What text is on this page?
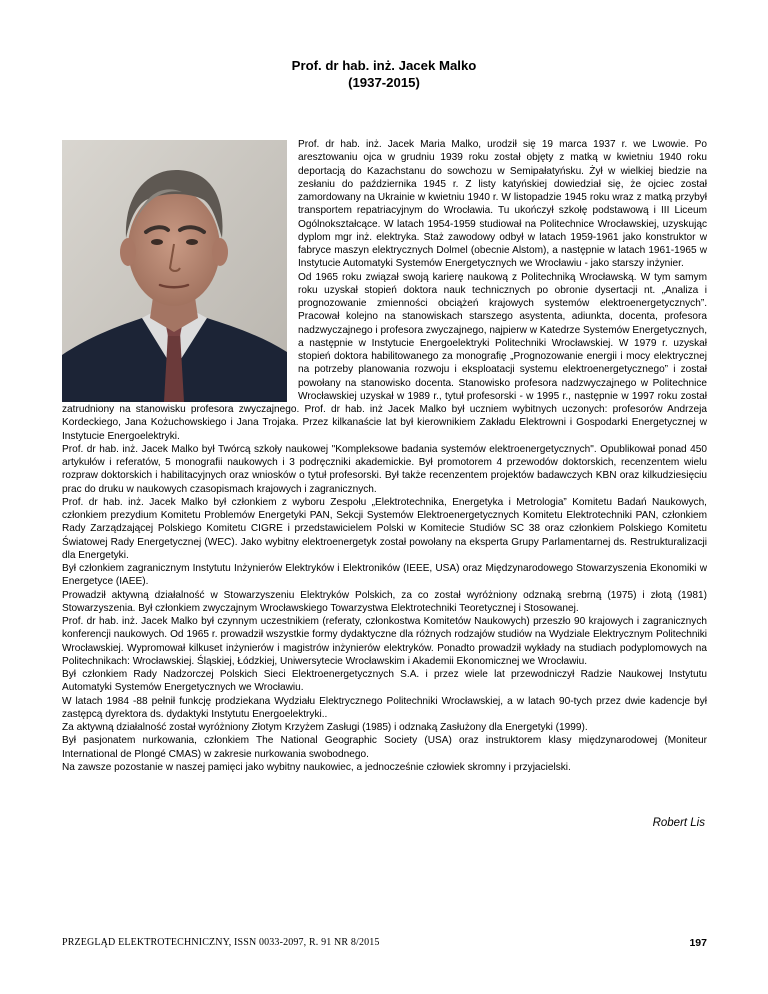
Prof. dr hab. inż. Jacek Malko
(1937-2015)

Prof. dr hab. inż. Jacek Maria Malko, urodził się 19 marca 1937 r. we Lwowie. Po aresztowaniu ojca w grudniu 1939 roku został objęty z matką w kwietniu 1940 roku deportacją do Kazachstanu do sowchozu w Semipałatyńsku. Żył w wielkiej biedzie na zesłaniu do października 1945 r. Z listy katyńskiej dowiedział się, że ojciec został zamordowany na Ukrainie w kwietniu 1940 r. W listopadzie 1945 roku wraz z matką przybył transportem repatriacyjnym do Wrocławia. Tu ukończył szkołę podstawową i III Liceum Ogólnokształcące. W latach 1954-1959 studiował na Politechnice Wrocławskiej, uzyskując dyplom mgr inż. elektryka. Staż zawodowy odbył w latach 1959-1961 jako konstruktor w fabryce maszyn elektrycznych Dolmel (obecnie Alstom), a następnie w latach 1961-1965 w Instytucie Automatyki Systemów Energetycznych we Wrocławiu - jako starszy inżynier.

Od 1965 roku związał swoją karierę naukową z Politechniką Wrocławską. W tym samym roku uzyskał stopień doktora nauk technicznych po obronie dysertacji nt. „Analiza i prognozowanie zmienności obciążeń krajowych systemów elektroenergetycznych”. Pracował kolejno na stanowiskach starszego asystenta, adiunkta, docenta, profesora nadzwyczajnego i profesora zwyczajnego, najpierw w Katedrze Systemów Energetycznych, a następnie w Instytucie Energoelektryki Politechniki Wrocławskiej. W 1979 r. uzyskał stopień doktora habilitowanego za monografię „Prognozowanie energii i mocy elektrycznej na potrzeby planowania rozwoju i eksploatacji systemu elektroenergetycznego” i został powołany na stanowisko docenta. Stanowisko profesora nadzwyczajnego w Politechnice Wrocławskiej uzyskał w 1989 r., tytuł profesorski - w 1995 r., następnie w 1997 roku został zatrudniony na stanowisku profesora zwyczajnego. Prof. dr hab. inż Jacek Malko był uczniem wybitnych uczonych: profesorów Andrzeja Kordeckiego, Jana Kożuchowskiego i Jana Trojaka. Przez kilkanaście lat był kierownikiem Zakładu Elektrowni i Gospodarki Energetycznej w Instytucie Energoelektryki.

Prof. dr hab. inż. Jacek Malko był Twórcą szkoły naukowej "Kompleksowe badania systemów elektroenergetycznych". Opublikował ponad 450 artykułów i referatów, 5 monografii naukowych i 3 podręczniki akademickie. Był promotorem 4 przewodów doktorskich, recenzentem wielu rozpraw doktorskich i habilitacyjnych oraz wniosków o tytuł profesorski. Był także recenzentem projektów badawczych KBN oraz kilkudziesięciu prac do druku w naukowych czasopismach krajowych i zagranicznych.

Prof. dr hab. inż. Jacek Malko był członkiem z wyboru Zespołu „Elektrotechnika, Energetyka i Metrologia” Komitetu Badań Naukowych, członkiem prezydium Komitetu Problemów Energetyki PAN, Sekcji Systemów Elektroenergetycznych Komitetu Elektrotechniki PAN, członkiem Rady Zarządzającej Polskiego Komitetu CIGRE i przedstawicielem Polski w Komitecie Studiów SC 38 oraz członkiem Polskiego Komitetu Światowej Rady Energetycznej (WEC). Jako wybitny elektroenergetyk został powołany na eksperta Grupy Parlamentarnej ds. Restrukturalizacji dla Energetyki.

Był członkiem zagranicznym Instytutu Inżynierów Elektryków i Elektroników (IEEE, USA) oraz Międzynarodowego Stowarzyszenia Ekonomiki w Energetyce (IAEE).

Prowadził aktywną działalność w Stowarzyszeniu Elektryków Polskich, za co został wyróżniony odznaką srebrną (1975) i złotą (1981) Stowarzyszenia. Był członkiem zwyczajnym Wrocławskiego Towarzystwa Elektrotechniki Teoretycznej i Stosowanej.

Prof. dr hab. inż. Jacek Malko był czynnym uczestnikiem (referaty, członkostwa Komitetów Naukowych) przeszło 90 krajowych i zagranicznych konferencji naukowych. Od 1965 r. prowadził wszystkie formy dydaktyczne dla różnych rodzajów studiów na Wydziale Elektrycznym Politechniki Wrocławskiej. Wypromował kilkuset inżynierów i magistrów inżynierów elektryków. Ponadto prowadził wykłady na studiach podyplomowych na Politechnikach: Wrocławskiej. Śląskiej, Łódzkiej, Uniwersytecie Wrocławskim i Akademii Ekonomicznej we Wrocławiu.

Był członkiem Rady Nadzorczej Polskich Sieci Elektroenergetycznych S.A. i przez wiele lat przewodniczył Radzie Naukowej Instytutu Automatyki Systemów Energetycznych we Wrocławiu.

W latach 1984 -88 pełnił funkcję prodziekana Wydziału Elektrycznego Politechniki Wrocławskiej, a w latach 90-tych przez dwie kadencje był zastępcą dyrektora ds. dydaktyki Instytutu Energoelektryki..

Za aktywną działalność został wyróżniony Złotym Krzyżem Zasługi (1985) i odznaką Zasłużony dla Energetyki (1999).

Był pasjonatem nurkowania, członkiem The National Geographic Society (USA) oraz instruktorem klasy międzynarodowej (Moniteur International de Plongé CMAS) w zakresie nurkowania swobodnego.

Na zawsze pozostanie w naszej pamięci jako wybitny naukowiec, a jednocześnie człowiek skromny i przyjacielski.

Robert Lis
PRZEGLĄD ELEKTROTECHNICZNY, ISSN 0033-2097, R. 91 NR 8/2015	197
